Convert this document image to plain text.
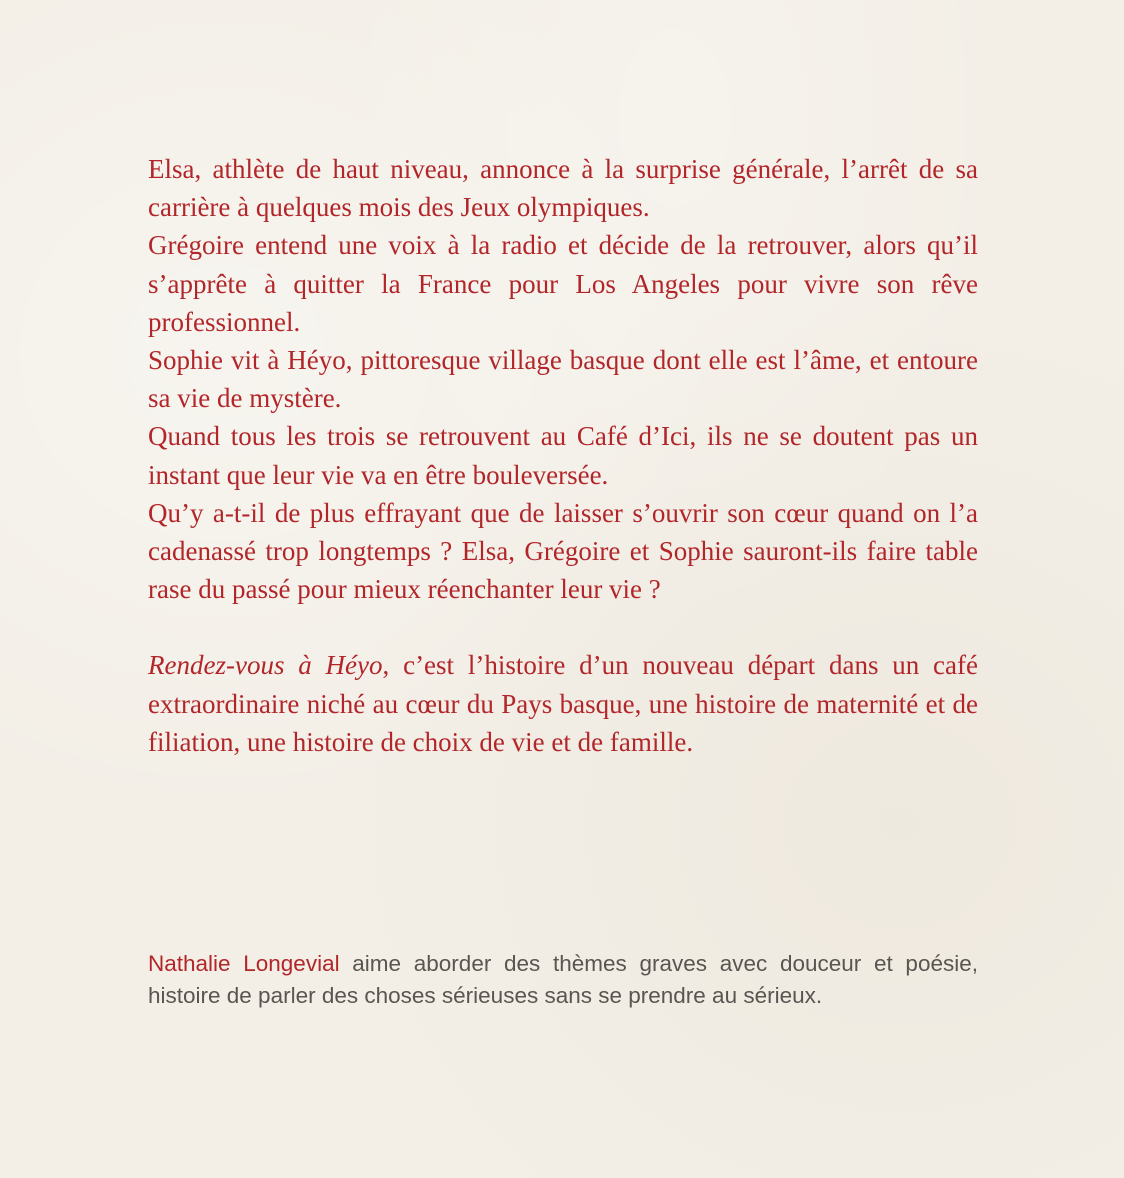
Elsa, athlète de haut niveau, annonce à la surprise générale, l’arrêt de sa carrière à quelques mois des Jeux olympiques.

Grégoire entend une voix à la radio et décide de la retrouver, alors qu’il s’apprête à quitter la France pour Los Angeles pour vivre son rêve professionnel.

Sophie vit à Héyo, pittoresque village basque dont elle est l’âme, et entoure sa vie de mystère.

Quand tous les trois se retrouvent au Café d’Ici, ils ne se doutent pas un instant que leur vie va en être bouleversée.

Qu’y a-t-il de plus effrayant que de laisser s’ouvrir son cœur quand on l’a cadenassé trop longtemps ? Elsa, Grégoire et Sophie sauront-ils faire table rase du passé pour mieux réenchanter leur vie ?

Rendez-vous à Héyo, c’est l’histoire d’un nouveau départ dans un café extraordinaire niché au cœur du Pays basque, une histoire de maternité et de filiation, une histoire de choix de vie et de famille.

Nathalie Longevial aime aborder des thèmes graves avec douceur et poésie, histoire de parler des choses sérieuses sans se prendre au sérieux.
